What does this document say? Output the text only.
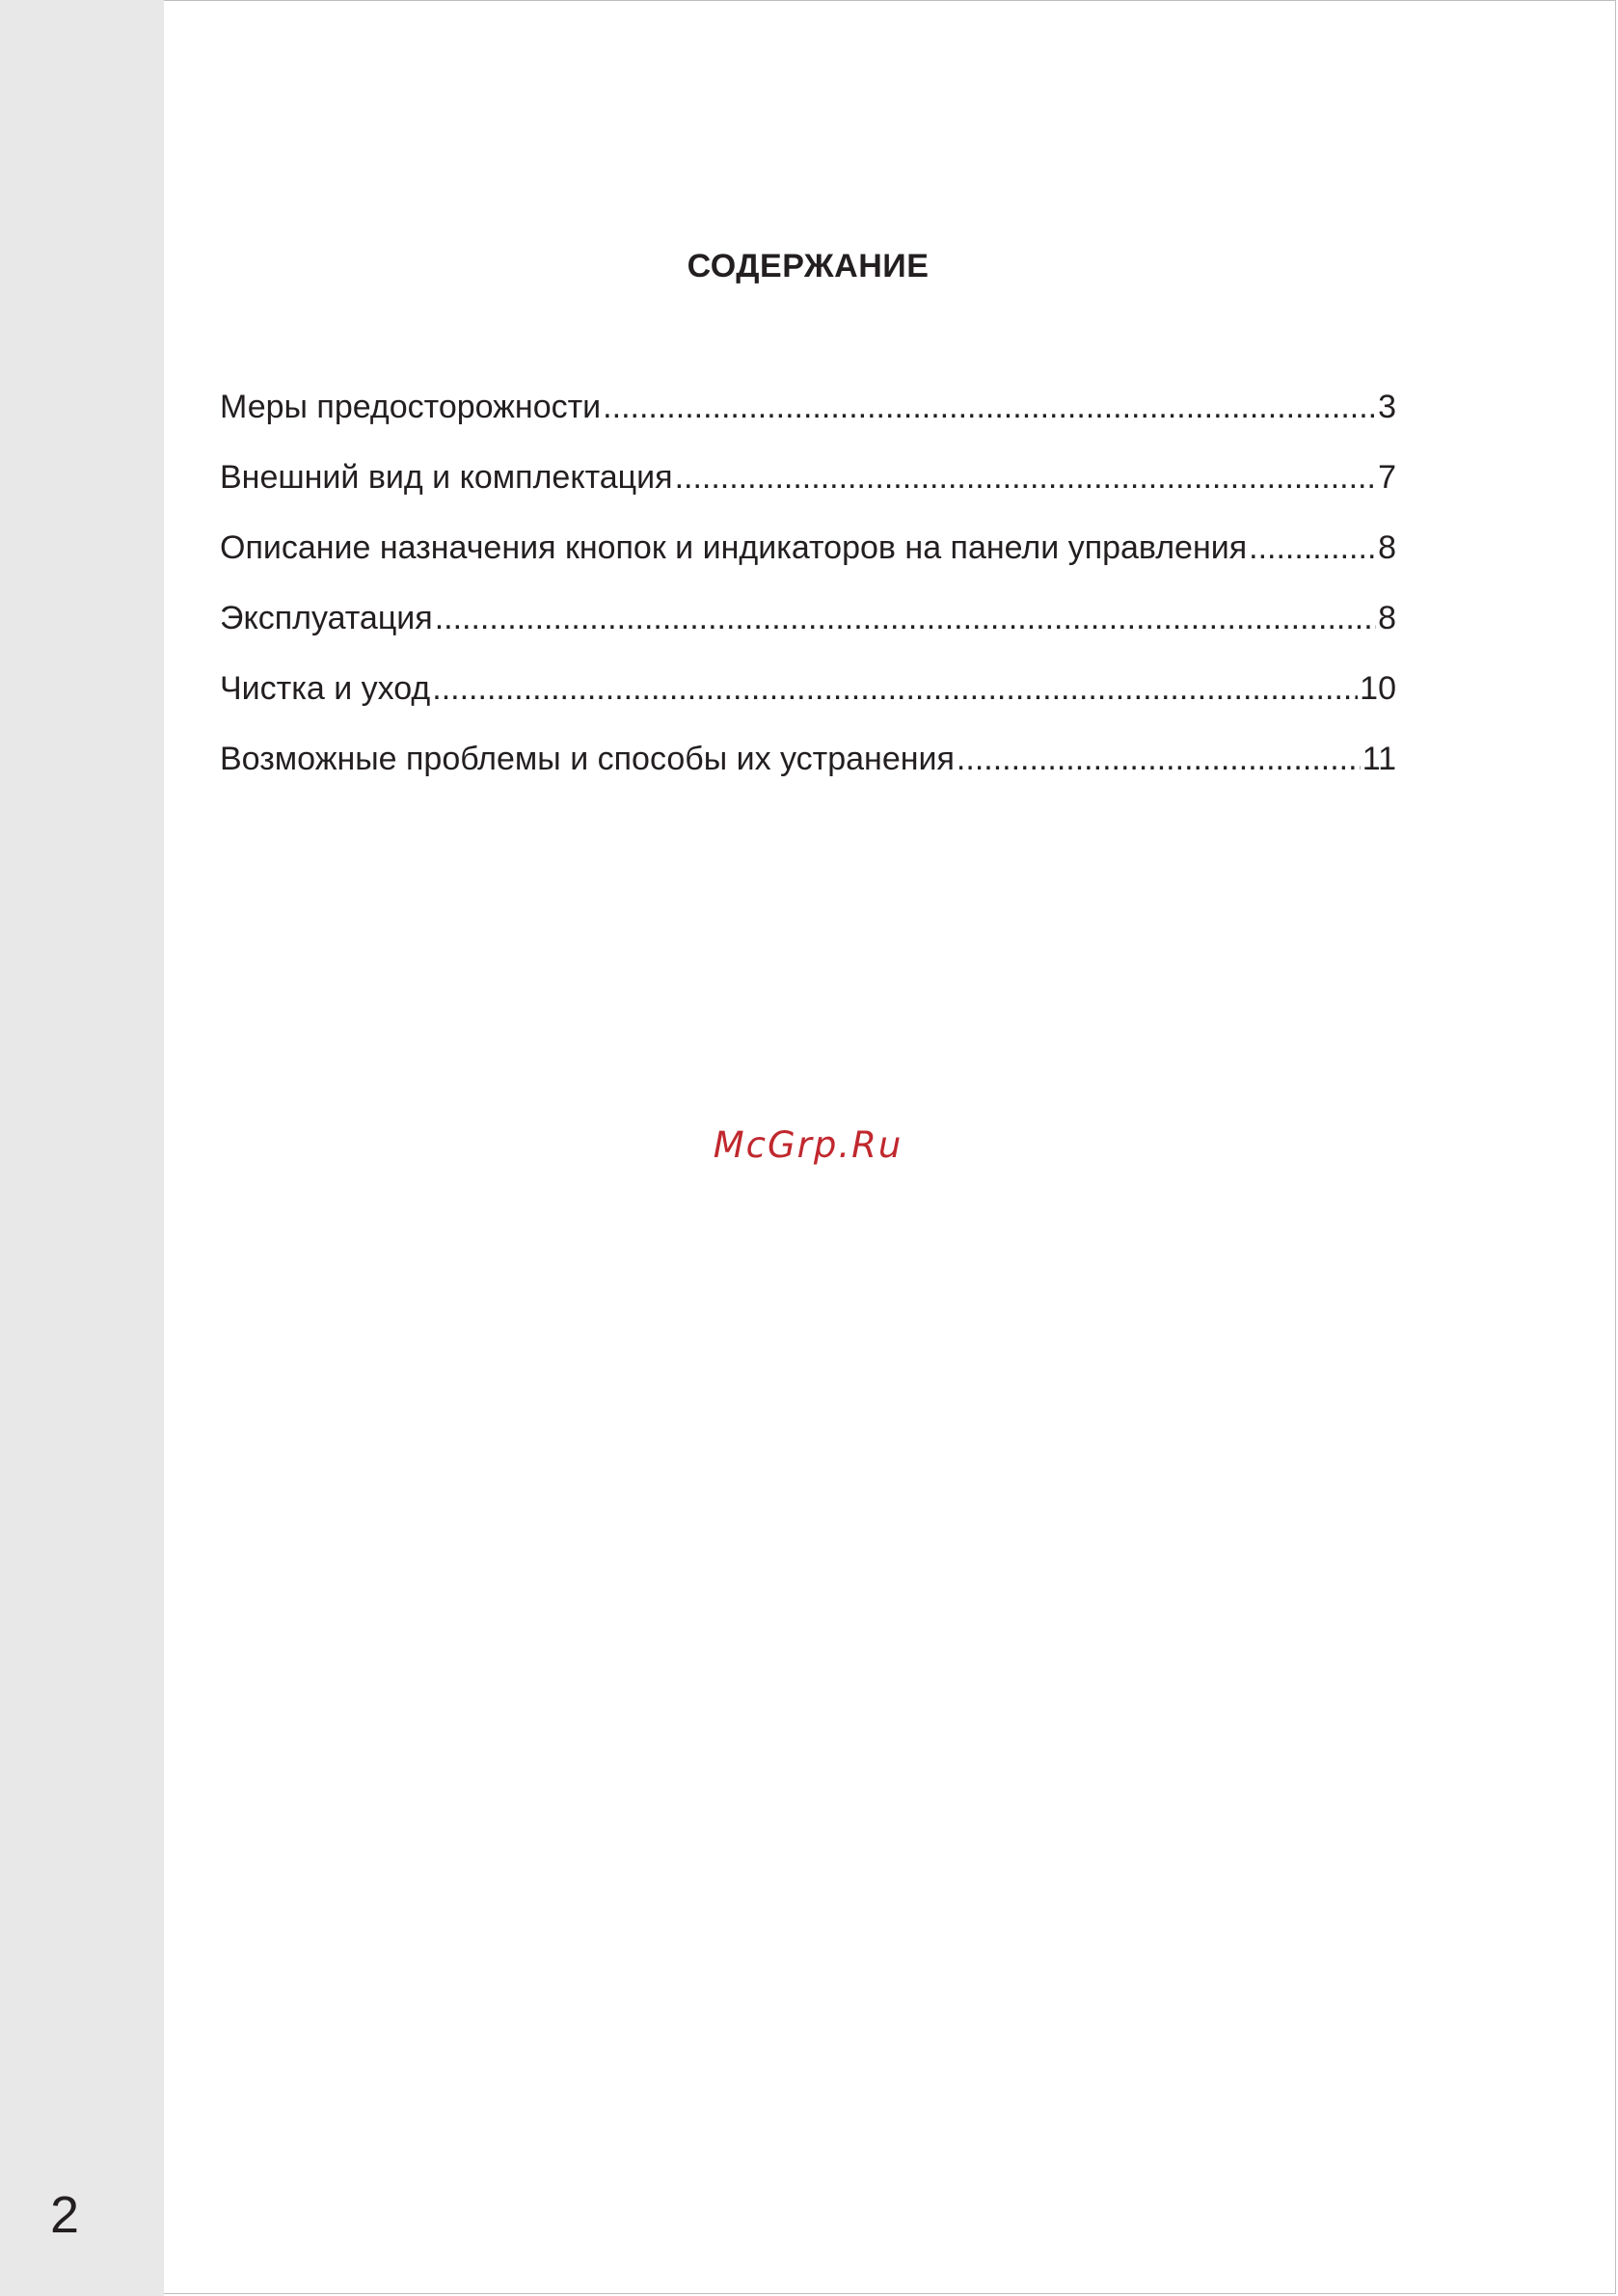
2
СОДЕРЖАНИЕ
Меры предосторожности .....	3
Внешний вид и комплектация .....	7
Описание назначения кнопок и индикаторов на панели управления .....	8
Эксплуатация .....	8
Чистка и уход .....	10
Возможные проблемы и способы их устранения .....	11
McGrp.Ru
